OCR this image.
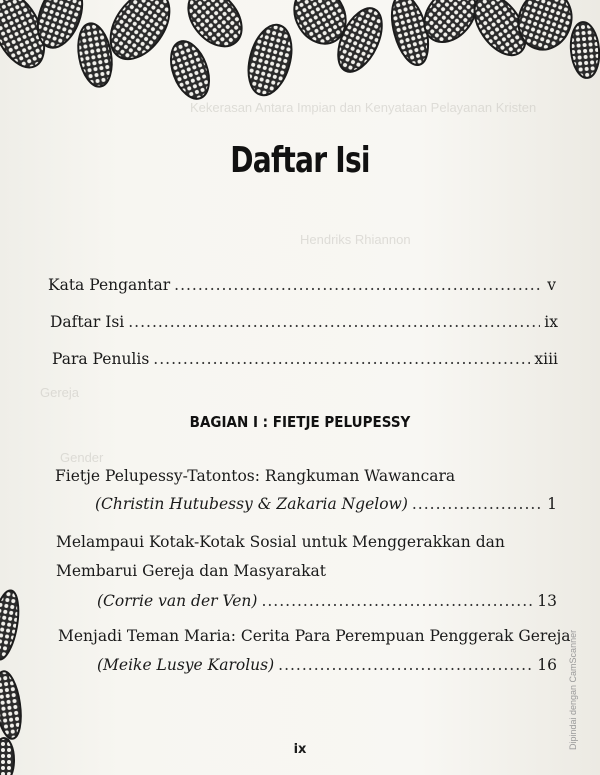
Kekerasan Antara Impian dan Kenyataan Pelayanan Kristen
Hendriks Rhiannon
Gereja
Gender
Daftar Isi
Kata Pengantar .....	v
Daftar Isi .....	ix
Para Penulis .....	xiii
BAGIAN I : FIETJE PELUPESSY
Fietje Pelupessy-Tatontos: Rangkuman Wawancara
(Christin Hutubessy & Zakaria Ngelow) .....	1
Melampaui Kotak-Kotak Sosial untuk Menggerakkan dan
Membarui Gereja dan Masyarakat
(Corrie van der Ven) .....	13
Menjadi Teman Maria: Cerita Para Perempuan Penggerak Gereja
(Meike Lusye Karolus) .....	16
ix	Dipindai dengan CamScanner
